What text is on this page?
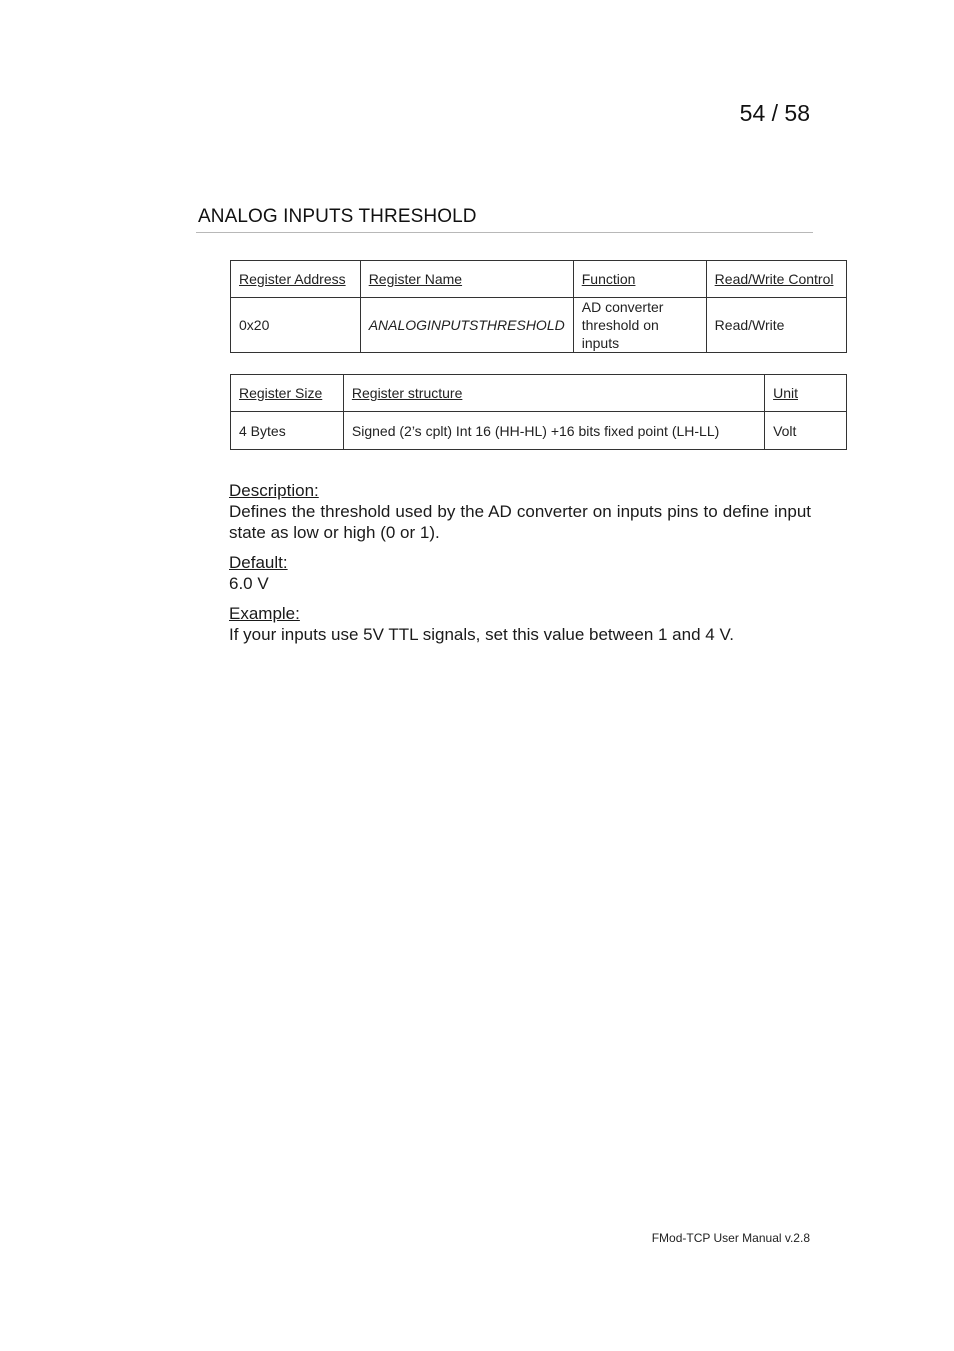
54 / 58
ANALOG INPUTS THRESHOLD
Register Address	Register Name	Function	Read/Write Control
0x20	ANALOGINPUTSTHRESHOLD	AD converter threshold on inputs	Read/Write
Register Size	Register structure	Unit
4 Bytes	Signed (2’s cplt) Int 16 (HH-HL) +16 bits fixed point (LH-LL)	Volt
Description:
Defines the threshold used by the AD converter on inputs pins to define input state as low or high (0 or 1).
Default:
6.0 V
Example:
If your inputs use 5V TTL signals, set this value between 1 and 4 V.
FMod-TCP User Manual v.2.8
